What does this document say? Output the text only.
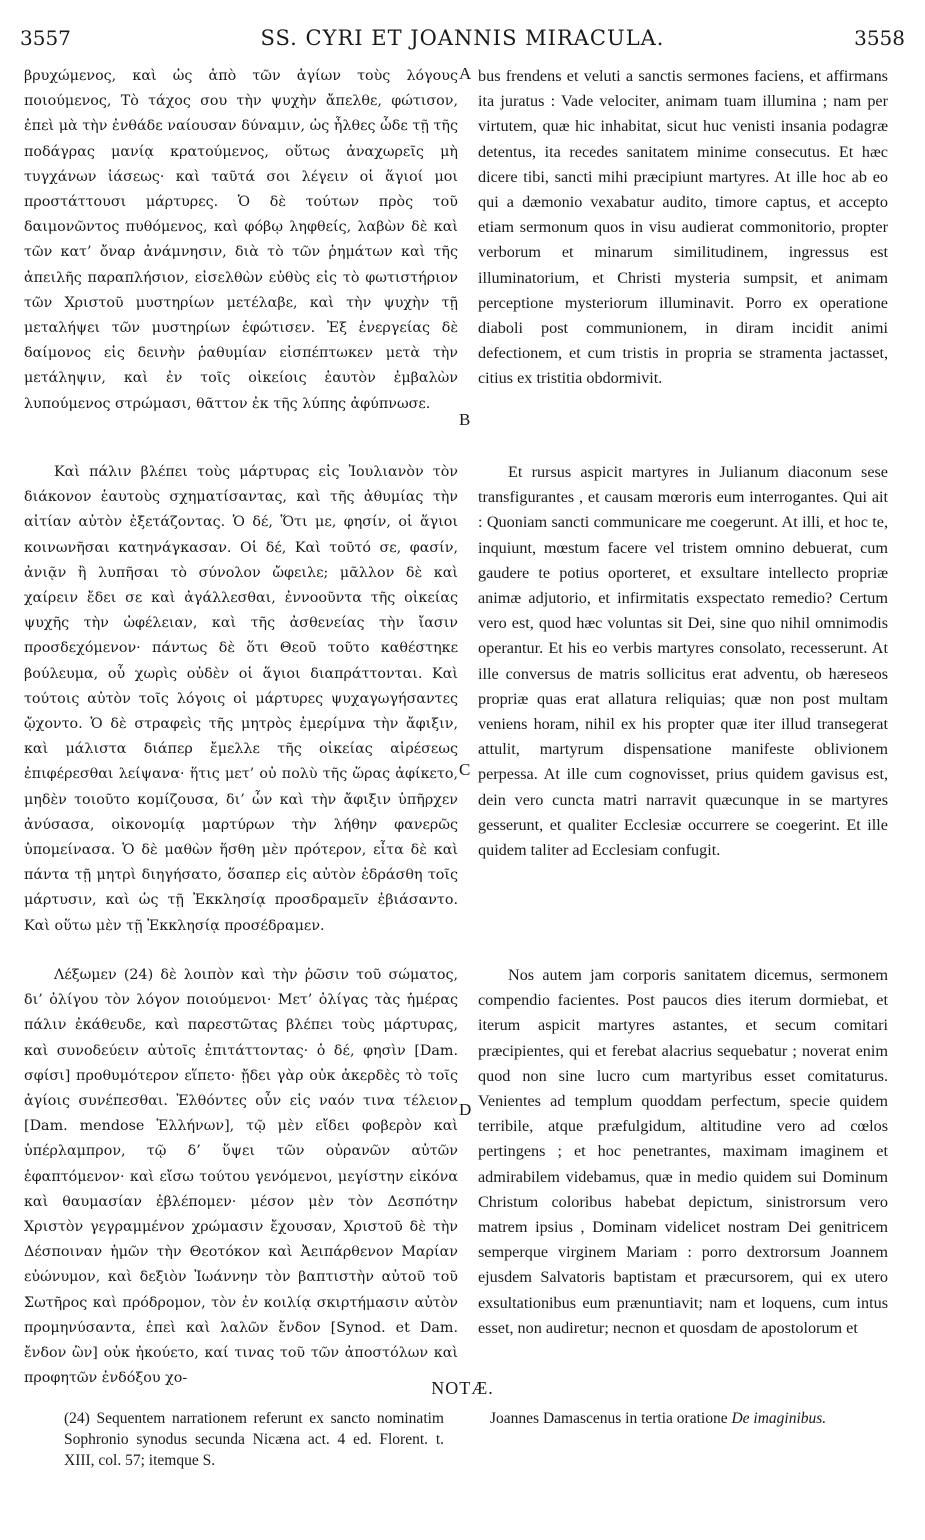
3557	SS. CYRI ET JOANNIS MIRACULA.	3558

βρυχώμενος, καὶ ὡς ἀπὸ τῶν ἁγίων τοὺς λόγους ποιούμενος, Τὸ τάχος σου τὴν ψυχὴν ἄπελθε, φώτισον, ἐπεὶ μὰ τὴν ἐνθάδε ναίουσαν δύναμιν, ὡς ἦλθες ὧδε τῇ τῆς ποδάγρας μανίᾳ κρατούμενος, οὕτως ἀναχωρεῖς μὴ τυγχάνων ἰάσεως· καὶ ταῦτά σοι λέγειν οἱ ἅγιοί μοι προστάττουσι μάρτυρες. Ὁ δὲ τούτων πρὸς τοῦ δαιμονῶντος πυθόμενος, καὶ φόβῳ ληφθείς, λαβὼν δὲ καὶ τῶν κατ’ ὄναρ ἀνάμνησιν, διὰ τὸ τῶν ῥημάτων καὶ τῆς ἀπειλῆς παραπλήσιον, εἰσελθὼν εὐθὺς εἰς τὸ φωτιστήριον τῶν Χριστοῦ μυστηρίων μετέλαβε, καὶ τὴν ψυχὴν τῇ μεταλήψει τῶν μυστηρίων ἐφώτισεν. Ἐξ ἐνεργείας δὲ δαίμονος εἰς δεινὴν ῥαθυμίαν εἰσπέπτωκεν μετὰ τὴν μετάληψιν, καὶ ἐν τοῖς οἰκείοις ἑαυτὸν ἐμβαλὼν λυπούμενος στρώμασι, θᾶττον ἐκ τῆς λύπης ἀφύπνωσε.

Καὶ πάλιν βλέπει τοὺς μάρτυρας εἰς Ἰουλιανὸν τὸν διάκονον ἑαυτοὺς σχηματίσαντας, καὶ τῆς ἀθυμίας τὴν αἰτίαν αὐτὸν ἐξετάζοντας. Ὁ δέ, Ὅτι με, φησίν, οἱ ἅγιοι κοινωνῆσαι κατηνάγκασαν. Οἱ δέ, Καὶ τοῦτό σε, φασίν, ἀνιᾷν ἢ λυπῆσαι τὸ σύνολον ὤφειλε; μᾶλλον δὲ καὶ χαίρειν ἔδει σε καὶ ἀγάλλεσθαι, ἐννοοῦντα τῆς οἰκείας ψυχῆς τὴν ὠφέλειαν, καὶ τῆς ἀσθενείας τὴν ἴασιν προσδεχόμενον· πάντως δὲ ὅτι Θεοῦ τοῦτο καθέστηκε βούλευμα, οὗ χωρὶς οὐδὲν οἱ ἅγιοι διαπράττονται. Καὶ τούτοις αὐτὸν τοῖς λόγοις οἱ μάρτυρες ψυχαγωγήσαντες ᾤχοντο. Ὁ δὲ στραφεὶς τῆς μητρὸς ἐμερίμνα τὴν ἄφιξιν, καὶ μάλιστα διάπερ ἔμελλε τῆς οἰκείας αἱρέσεως ἐπιφέρεσθαι λείψανα· ἥτις μετ’ οὐ πολὺ τῆς ὥρας ἀφίκετο, μηδὲν τοιοῦτο κομίζουσα, δι’ ὧν καὶ τὴν ἄφιξιν ὑπῆρχεν ἀνύσασα, οἰκονομίᾳ μαρτύρων τὴν λήθην φανερῶς ὑπομείνασα. Ὁ δὲ μαθὼν ἥσθη μὲν πρότερον, εἶτα δὲ καὶ πάντα τῇ μητρὶ διηγήσατο, ὅσαπερ εἰς αὐτὸν ἐδράσθη τοῖς μάρτυσιν, καὶ ὡς τῇ Ἐκκλησίᾳ προσδραμεῖν ἐβιάσαντο. Καὶ οὕτω μὲν τῇ Ἐκκλησίᾳ προσέδραμεν.

Λέξωμεν (24) δὲ λοιπὸν καὶ τὴν ῥῶσιν τοῦ σώματος, δι’ ὀλίγου τὸν λόγον ποιούμενοι· Μετ’ ὀλίγας τὰς ἡμέρας πάλιν ἐκάθευδε, καὶ παρεστῶτας βλέπει τοὺς μάρτυρας, καὶ συνοδεύειν αὐτοῖς ἐπιτάττοντας· ὁ δέ, φησὶν [Dam. σφίσι] προθυμότερον εἵπετο· ᾔδει γὰρ οὐκ ἀκερδὲς τὸ τοῖς ἁγίοις συνέπεσθαι. Ἐλθόντες οὖν εἰς ναόν τινα τέλειον [Dam. mendose Ἑλλήνων], τῷ μὲν εἴδει φοβερὸν καὶ ὑπέρλαμπρον, τῷ δ’ ὕψει τῶν οὐρανῶν αὐτῶν ἐφαπτόμενον· καὶ εἴσω τούτου γενόμενοι, μεγίστην εἰκόνα καὶ θαυμασίαν ἐβλέπομεν· μέσον μὲν τὸν Δεσπότην Χριστὸν γεγραμμένον χρώμασιν ἔχουσαν, Χριστοῦ δὲ τὴν Δέσποιναν ἡμῶν τὴν Θεοτόκον καὶ Ἀειπάρθενον Μαρίαν εὐώνυμον, καὶ δεξιὸν Ἰωάννην τὸν βαπτιστὴν αὐτοῦ τοῦ Σωτῆρος καὶ πρόδρομον, τὸν ἐν κοιλίᾳ σκιρτήμασιν αὐτὸν προμηνύσαντα, ἐπεὶ καὶ λαλῶν ἔνδον [Synod. et Dam. ἔνδον ὢν] οὐκ ἠκούετο, καί τινας τοῦ τῶν ἀποστόλων καὶ προφητῶν ἐνδόξου χο-

A
B
C
D

bus frendens et veluti a sanctis sermones faciens, et affirmans ita juratus : Vade velociter, animam tuam illumina ; nam per virtutem, quæ hic inhabitat, sicut huc venisti insania podagræ detentus, ita recedes sanitatem minime consecutus. Et hæc dicere tibi, sancti mihi præcipiunt martyres. At ille hoc ab eo qui a dæmonio vexabatur audito, timore captus, et accepto etiam sermonum quos in visu audierat commonitorio, propter verborum et minarum similitudinem, ingressus est illuminatorium, et Christi mysteria sumpsit, et animam perceptione mysteriorum illuminavit. Porro ex operatione diaboli post communionem, in diram incidit animi defectionem, et cum tristis in propria se stramenta jactasset, citius ex tristitia obdormivit.

Et rursus aspicit martyres in Julianum diaconum sese transfigurantes , et causam mœroris eum interrogantes. Qui ait : Quoniam sancti communicare me coegerunt. At illi, et hoc te, inquiunt, mœstum facere vel tristem omnino debuerat, cum gaudere te potius oporteret, et exsultare intellecto propriæ animæ adjutorio, et infirmitatis exspectato remedio? Certum vero est, quod hæc voluntas sit Dei, sine quo nihil omnimodis operantur. Et his eo verbis martyres consolato, recesserunt. At ille conversus de matris sollicitus erat adventu, ob hæreseos propriæ quas erat allatura reliquias; quæ non post multam veniens horam, nihil ex his propter quæ iter illud transegerat attulit, martyrum dispensatione manifeste oblivionem perpessa. At ille cum cognovisset, prius quidem gavisus est, dein vero cuncta matri narravit quæcunque in se martyres gesserunt, et qualiter Ecclesiæ occurrere se coegerint. Et ille quidem taliter ad Ecclesiam confugit.

Nos autem jam corporis sanitatem dicemus, sermonem compendio facientes. Post paucos dies iterum dormiebat, et iterum aspicit martyres astantes, et secum comitari præcipientes, qui et ferebat alacrius sequebatur ; noverat enim quod non sine lucro cum martyribus esset comitaturus. Venientes ad templum quoddam perfectum, specie quidem terribile, atque præfulgidum, altitudine vero ad cœlos pertingens ; et hoc penetrantes, maximam imaginem et admirabilem videbamus, quæ in medio quidem sui Dominum Christum coloribus habebat depictum, sinistrorsum vero matrem ipsius , Dominam videlicet nostram Dei genitricem semperque virginem Mariam : porro dextrorsum Joannem ejusdem Salvatoris baptistam et præcursorem, qui ex utero exsultationibus eum prænuntiavit; nam et loquens, cum intus esset, non audiretur; necnon et quosdam de apostolorum et

NOTÆ.
(24) Sequentem narrationem referunt ex sancto nominatim Sophronio synodus secunda Nicæna act. 4 ed. Florent. t. XIII, col. 57; itemque S.
Joannes Damascenus in tertia oratione De imaginibus.
